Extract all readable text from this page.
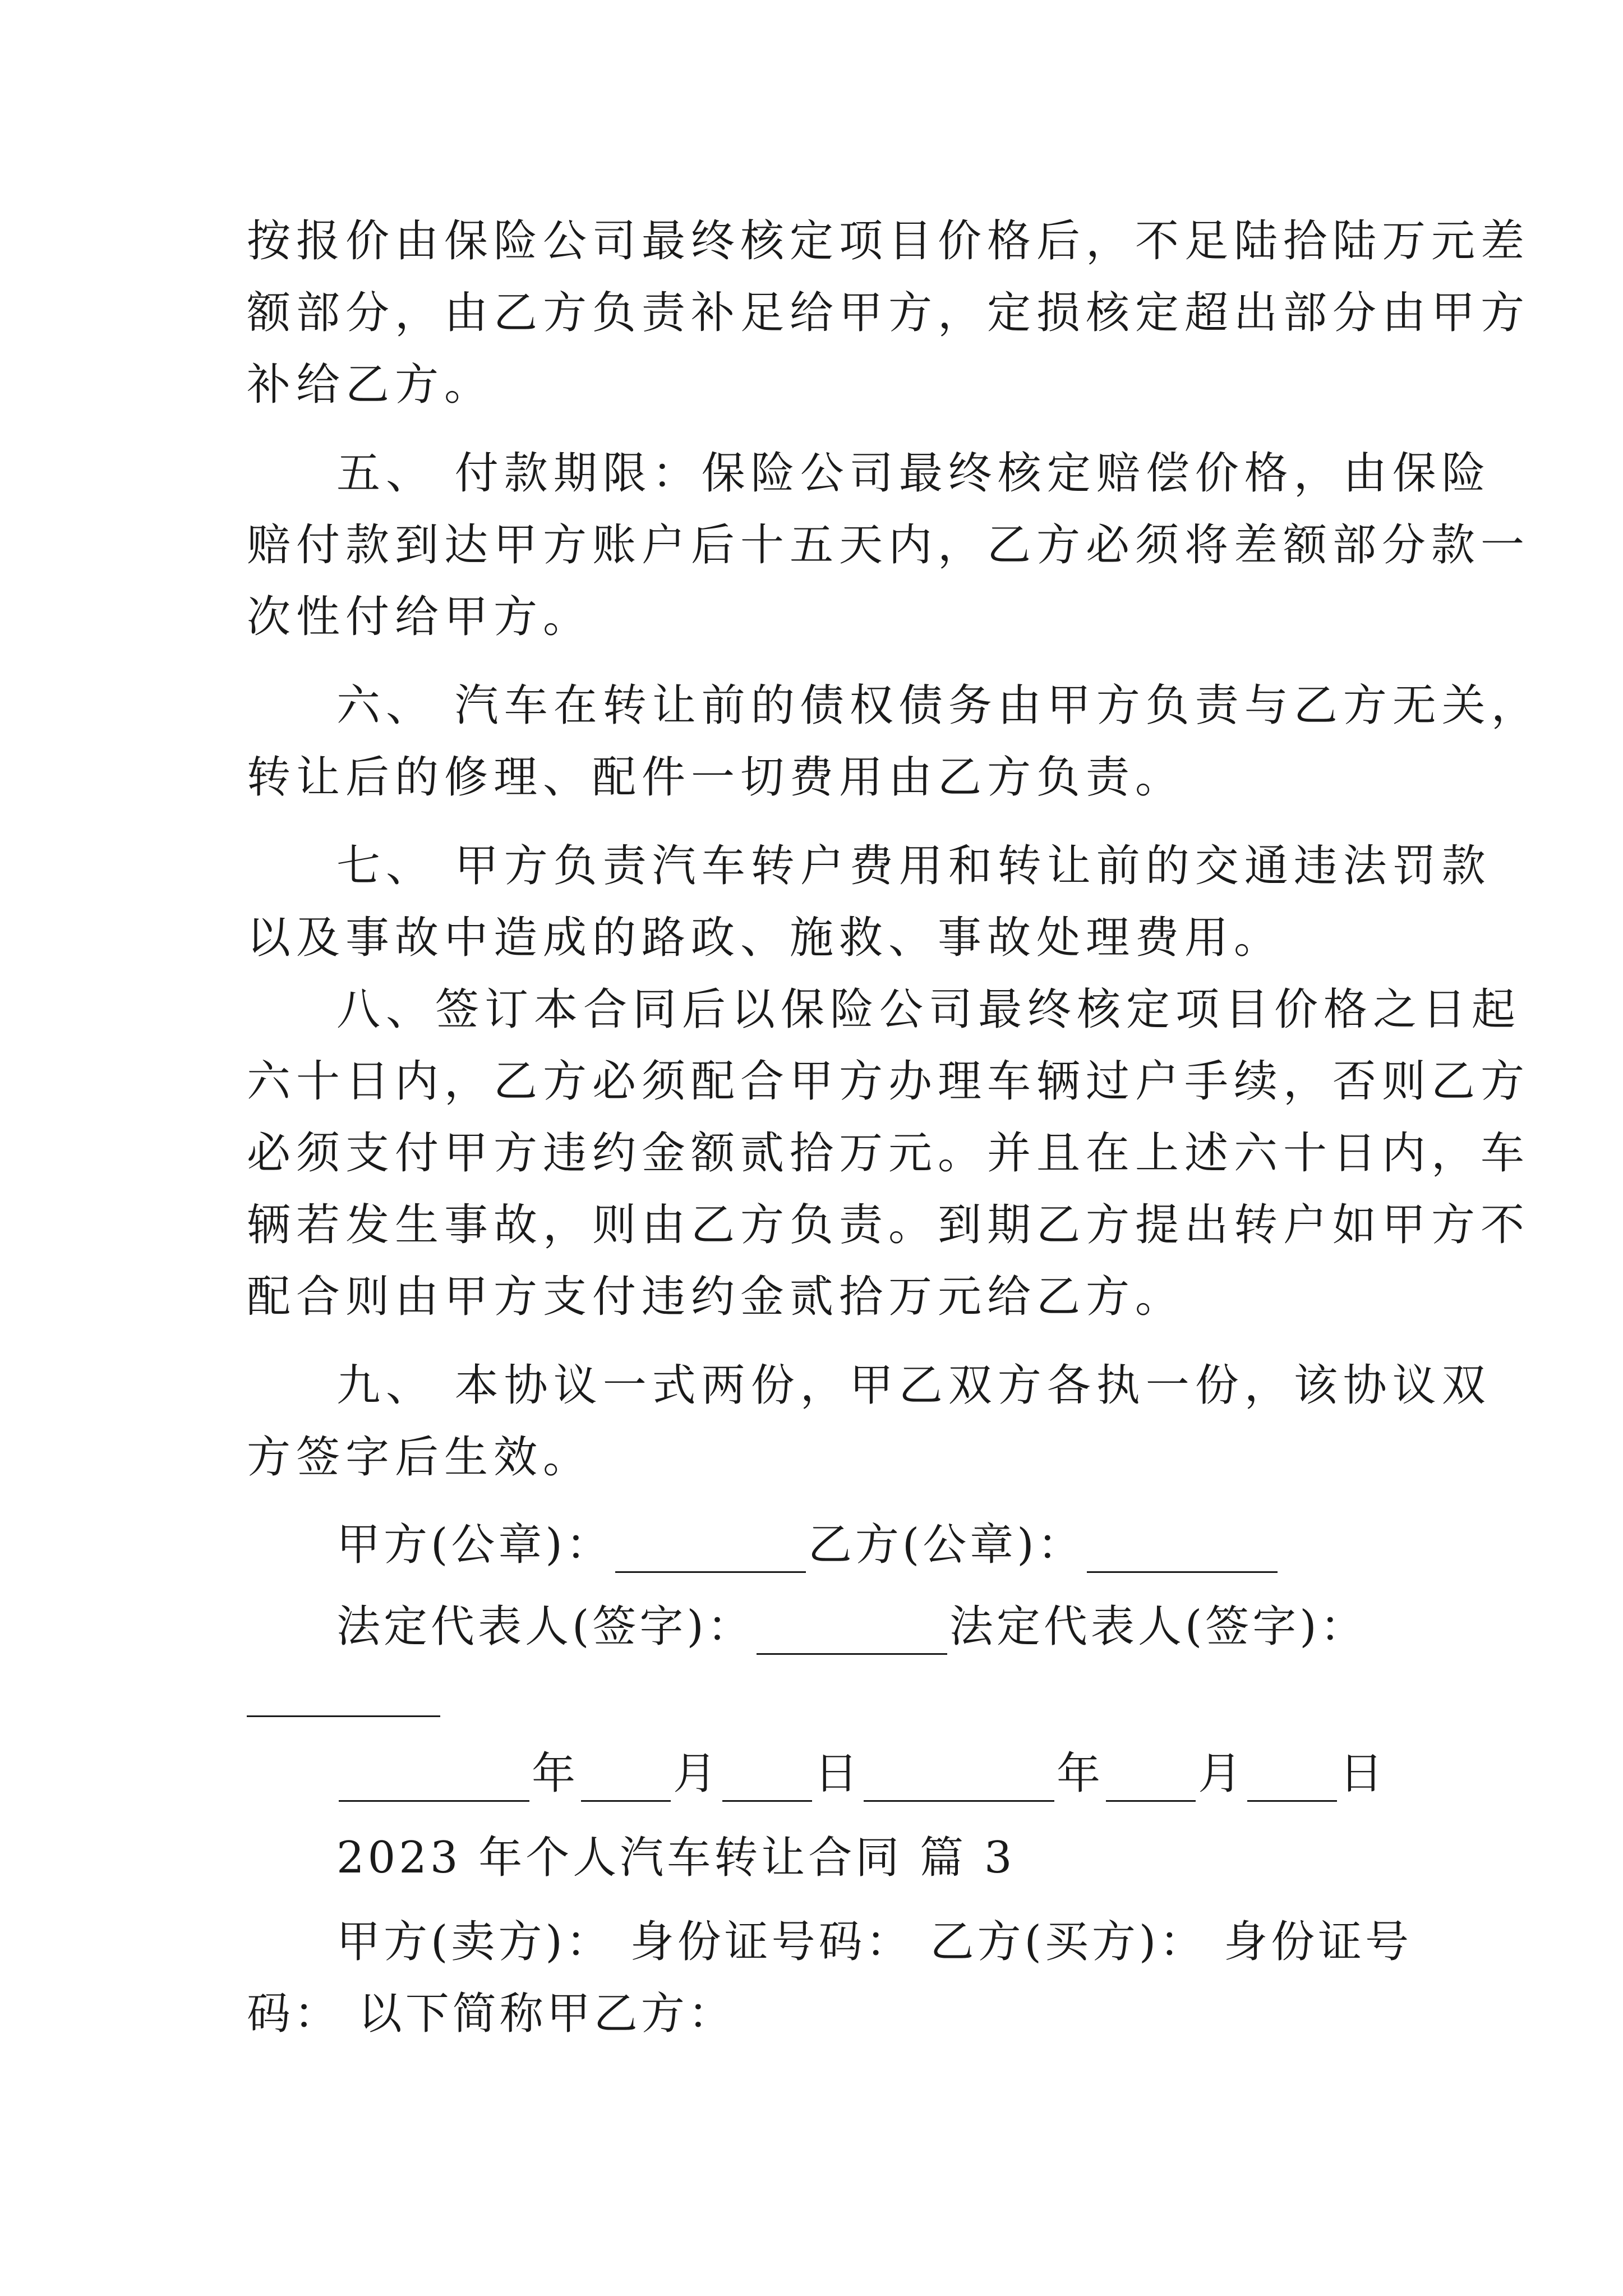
按报价由保险公司最终核定项目价格后，不足陆拾陆万元差
额部分，由乙方负责补足给甲方，定损核定超出部分由甲方
补给乙方。
五、 付款期限：保险公司最终核定赔偿价格，由保险
赔付款到达甲方账户后十五天内，乙方必须将差额部分款一
次性付给甲方。
六、 汽车在转让前的债权债务由甲方负责与乙方无关，
转让后的修理、配件一切费用由乙方负责。
七、 甲方负责汽车转户费用和转让前的交通违法罚款
以及事故中造成的路政、施救、事故处理费用。
八、签订本合同后以保险公司最终核定项目价格之日起
六十日内，乙方必须配合甲方办理车辆过户手续，否则乙方
必须支付甲方违约金额贰拾万元。并且在上述六十日内，车
辆若发生事故，则由乙方负责。到期乙方提出转户如甲方不
配合则由甲方支付违约金贰拾万元给乙方。
九、 本协议一式两份，甲乙双方各执一份，该协议双
方签字后生效。
甲方(公章)：	乙方(公章)：
法定代表人(签字)：	法定代表人(签字)：
年 月 日	年 月 日
2023 年个人汽车转让合同 篇 3
甲方(卖方)： 身份证号码： 乙方(买方)： 身份证号
码： 以下简称甲乙方：
